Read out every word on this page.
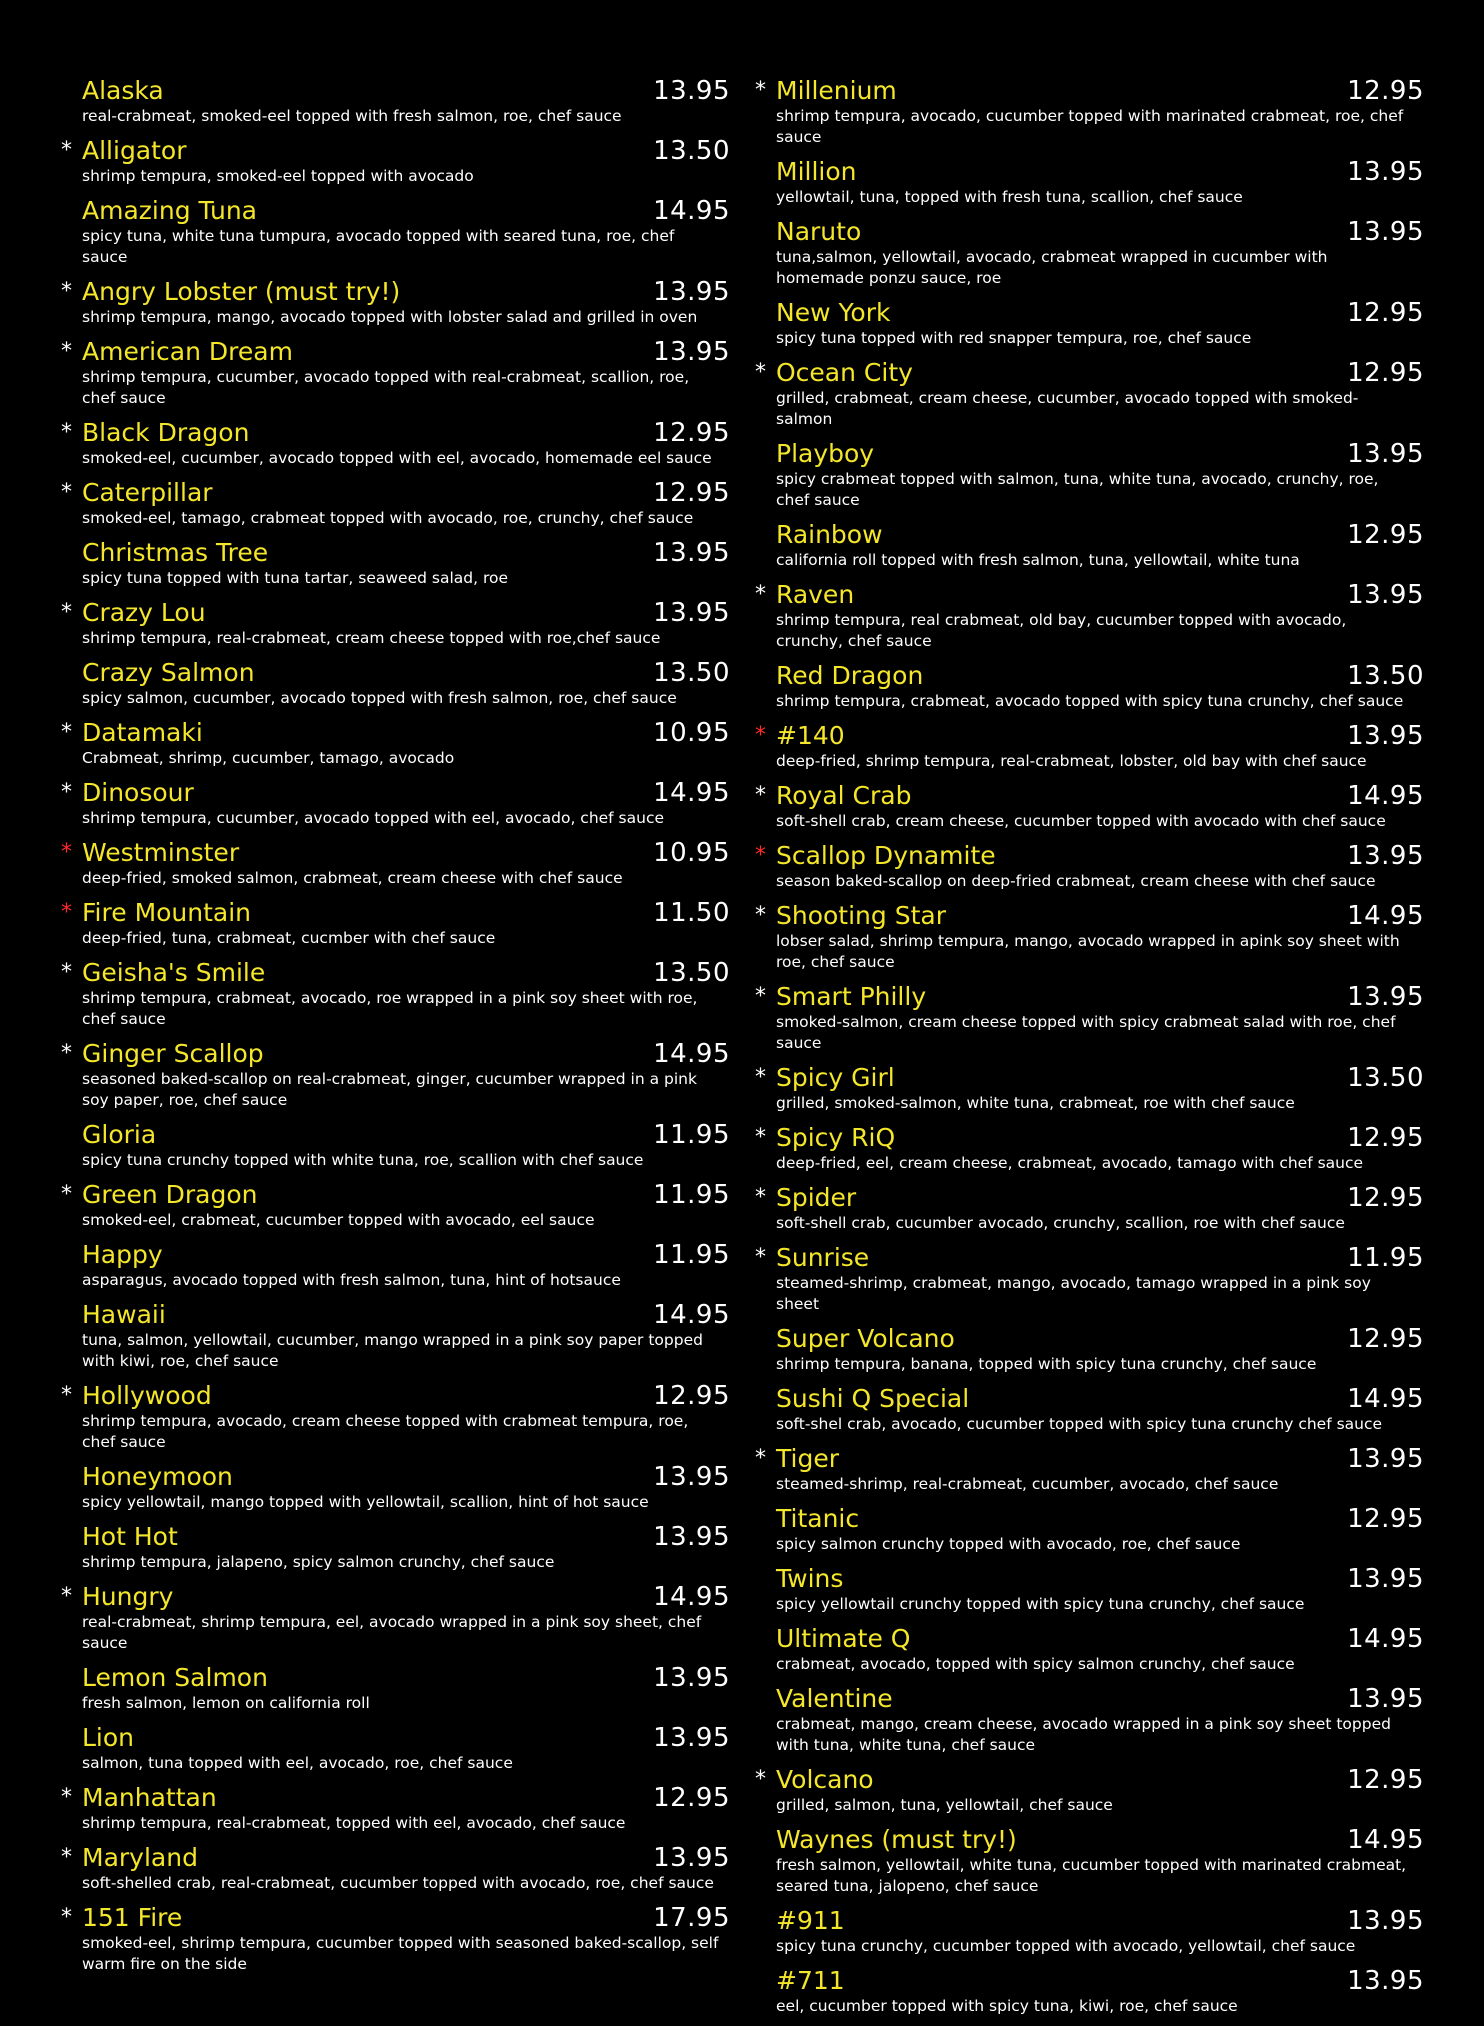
Alaska	13.95
real-crabmeat, smoked-eel topped with fresh salmon, roe, chef sauce
* Alligator	13.50
shrimp tempura, smoked-eel topped with avocado
Amazing Tuna	14.95
spicy tuna, white tuna tumpura, avocado topped with seared tuna, roe, chef sauce
* Angry Lobster (must try!)	13.95
shrimp tempura, mango, avocado topped with lobster salad and grilled in oven
* American Dream	13.95
shrimp tempura, cucumber, avocado topped with real-crabmeat, scallion, roe, chef sauce
* Black Dragon	12.95
smoked-eel, cucumber, avocado topped with eel, avocado, homemade eel sauce
* Caterpillar	12.95
smoked-eel, tamago, crabmeat topped with avocado, roe, crunchy, chef sauce
Christmas Tree	13.95
spicy tuna topped with tuna tartar, seaweed salad, roe
* Crazy Lou	13.95
shrimp tempura, real-crabmeat, cream cheese topped with roe,chef sauce
Crazy Salmon	13.50
spicy salmon, cucumber, avocado topped with fresh salmon, roe, chef sauce
* Datamaki	10.95
Crabmeat, shrimp, cucumber, tamago, avocado
* Dinosour	14.95
shrimp tempura, cucumber, avocado topped with eel, avocado, chef sauce
* Westminster	10.95
deep-fried, smoked salmon, crabmeat, cream cheese with chef sauce
* Fire Mountain	11.50
deep-fried, tuna, crabmeat, cucmber with chef sauce
* Geisha's Smile	13.50
shrimp tempura, crabmeat, avocado, roe wrapped in a pink soy sheet with roe, chef sauce
* Ginger Scallop	14.95
seasoned baked-scallop on real-crabmeat, ginger, cucumber wrapped in a pink soy paper, roe, chef sauce
Gloria	11.95
spicy tuna crunchy topped with white tuna, roe, scallion with chef sauce
* Green Dragon	11.95
smoked-eel, crabmeat, cucumber topped with avocado, eel sauce
Happy	11.95
asparagus, avocado topped with fresh salmon, tuna, hint of hotsauce
Hawaii	14.95
tuna, salmon, yellowtail, cucumber, mango wrapped in a pink soy paper topped with kiwi, roe, chef sauce
* Hollywood	12.95
shrimp tempura, avocado, cream cheese topped with crabmeat tempura, roe, chef sauce
Honeymoon	13.95
spicy yellowtail, mango topped with yellowtail, scallion, hint of hot sauce
Hot Hot	13.95
shrimp tempura, jalapeno, spicy salmon crunchy, chef sauce
* Hungry	14.95
real-crabmeat, shrimp tempura, eel, avocado wrapped in a pink soy sheet, chef sauce
Lemon Salmon	13.95
fresh salmon, lemon on california roll
Lion	13.95
salmon, tuna topped with eel, avocado, roe, chef sauce
* Manhattan	12.95
shrimp tempura, real-crabmeat, topped with eel, avocado, chef sauce
* Maryland	13.95
soft-shelled crab, real-crabmeat, cucumber topped with avocado, roe, chef sauce
* 151 Fire	17.95
smoked-eel, shrimp tempura, cucumber topped with seasoned baked-scallop, self warm fire on the side
* Millenium	12.95
shrimp tempura, avocado, cucumber topped with marinated crabmeat, roe, chef sauce
Million	13.95
yellowtail, tuna, topped with fresh tuna, scallion, chef sauce
Naruto	13.95
tuna,salmon, yellowtail, avocado, crabmeat wrapped in cucumber with homemade ponzu sauce, roe
New York	12.95
spicy tuna topped with red snapper tempura, roe, chef sauce
* Ocean City	12.95
grilled, crabmeat, cream cheese, cucumber, avocado topped with smoked-salmon
Playboy	13.95
spicy crabmeat topped with salmon, tuna, white tuna, avocado, crunchy, roe, chef sauce
Rainbow	12.95
california roll topped with fresh salmon, tuna, yellowtail, white tuna
* Raven	13.95
shrimp tempura, real crabmeat, old bay, cucumber topped with avocado, crunchy, chef sauce
Red Dragon	13.50
shrimp tempura, crabmeat, avocado topped with spicy tuna crunchy, chef sauce
* #140	13.95
deep-fried, shrimp tempura, real-crabmeat, lobster, old bay with chef sauce
* Royal Crab	14.95
soft-shell crab, cream cheese, cucumber topped with avocado with chef sauce
* Scallop Dynamite	13.95
season baked-scallop on deep-fried crabmeat, cream cheese with chef sauce
* Shooting Star	14.95
lobser salad, shrimp tempura, mango, avocado wrapped in apink soy sheet with roe, chef sauce
* Smart Philly	13.95
smoked-salmon, cream cheese topped with spicy crabmeat salad with roe, chef sauce
* Spicy Girl	13.50
grilled, smoked-salmon, white tuna, crabmeat, roe with chef sauce
* Spicy RiQ	12.95
deep-fried, eel, cream cheese, crabmeat, avocado, tamago with chef sauce
* Spider	12.95
soft-shell crab, cucumber avocado, crunchy, scallion, roe with chef sauce
* Sunrise	11.95
steamed-shrimp, crabmeat, mango, avocado, tamago wrapped in a pink soy sheet
Super Volcano	12.95
shrimp tempura, banana, topped with spicy tuna crunchy, chef sauce
Sushi Q Special	14.95
soft-shel crab, avocado, cucumber topped with spicy tuna crunchy chef sauce
* Tiger	13.95
steamed-shrimp, real-crabmeat, cucumber, avocado, chef sauce
Titanic	12.95
spicy salmon crunchy topped with avocado, roe, chef sauce
Twins	13.95
spicy yellowtail crunchy topped with spicy tuna crunchy, chef sauce
Ultimate Q	14.95
crabmeat, avocado, topped with spicy salmon crunchy, chef sauce
Valentine	13.95
crabmeat, mango, cream cheese, avocado wrapped in a pink soy sheet topped with tuna, white tuna, chef sauce
* Volcano	12.95
grilled, salmon, tuna, yellowtail, chef sauce
Waynes (must try!)	14.95
fresh salmon, yellowtail, white tuna, cucumber topped with marinated crabmeat, seared tuna, jalopeno, chef sauce
#911	13.95
spicy tuna crunchy, cucumber topped with avocado, yellowtail, chef sauce
#711	13.95
eel, cucumber topped with spicy tuna, kiwi, roe, chef sauce
